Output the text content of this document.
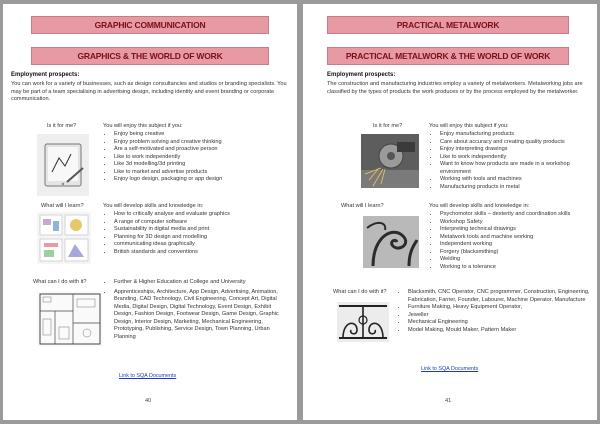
GRAPHIC COMMUNICATION
GRAPHICS & THE WORLD OF WORK
Employment prospects:
You can work for a variety of businesses, such as design consultancies and studios or branding specialists. You may be part of a team specialising in advertising design, including identity and event branding or corporate communication.
Is it for me?	You will enjoy this subject if you:
• Enjoy being creative
• Enjoy problem solving and creative thinking
• Are a self-motivated and proactive person
• Like to work independently
• Like 3d modelling/3d printing
• Like to market and advertise products
• Enjoy logo design, packaging or app design
What will I learn?	You will develop skills and knowledge in:
• How to critically analyse and evaluate graphics
• A range of computer software
• Sustainability in digital media and print
• Planning for 3D design and modelling
• communicating ideas graphically
• British standards and conventions
What can I do with it?	• Further & Higher Education at College and University
• Apprenticeships, Architecture, App Design, Advertising, Animation, Branding, CAD Technology, Civil Engineering, Concept Art, Digital Media, Digital Design, Digital Technology, Event Design, Exhibit Design, Fashion Design, Footwear Design, Game Design, Graphic Design, Interior Design, Marketing, Mechanical Engineering, Prototyping, Publishing, Service Design, Town Planning, Urban Planning
Link to SQA Documents
40
PRACTICAL METALWORK
PRACTICAL METALWORK & THE WORLD OF WORK
Employment prospects:
The construction and manufacturing industries employ a variety of metalworkers. Metalworking jobs are classified by the types of products the work produces or by the process employed by the metalworker.
Is it for me?	You will enjoy this subject if you:
• Enjoy manufacturing products
• Care about accuracy and creating quality products
• Enjoy interpreting drawings
• Like to work independently
• Want to know how products are made in a workshop environment
• Working with tools and machines
• Manufacturing products in metal
What will I learn?	You will develop skills and knowledge in:
• Psychomotor skills – dexterity and coordination skills
• Workshop Safety
• Interpreting technical drawings
• Metalwork tools and machine working
• Independent working
• Forgery (blacksmithing)
• Welding
• Working to a tolerance
What can I do with it?	• Blacksmith, CNC Operator, CNC programmer, Construction, Engineering, Fabrication, Farrier, Founder, Labourer, Machine Operator, Manufacture
• Furniture Making, Heavy Equipment Operator,
• Jeweller
• Mechanical Engineering
• Model Making, Mould Maker, Pattern Maker
Link to SQA Documents
41
